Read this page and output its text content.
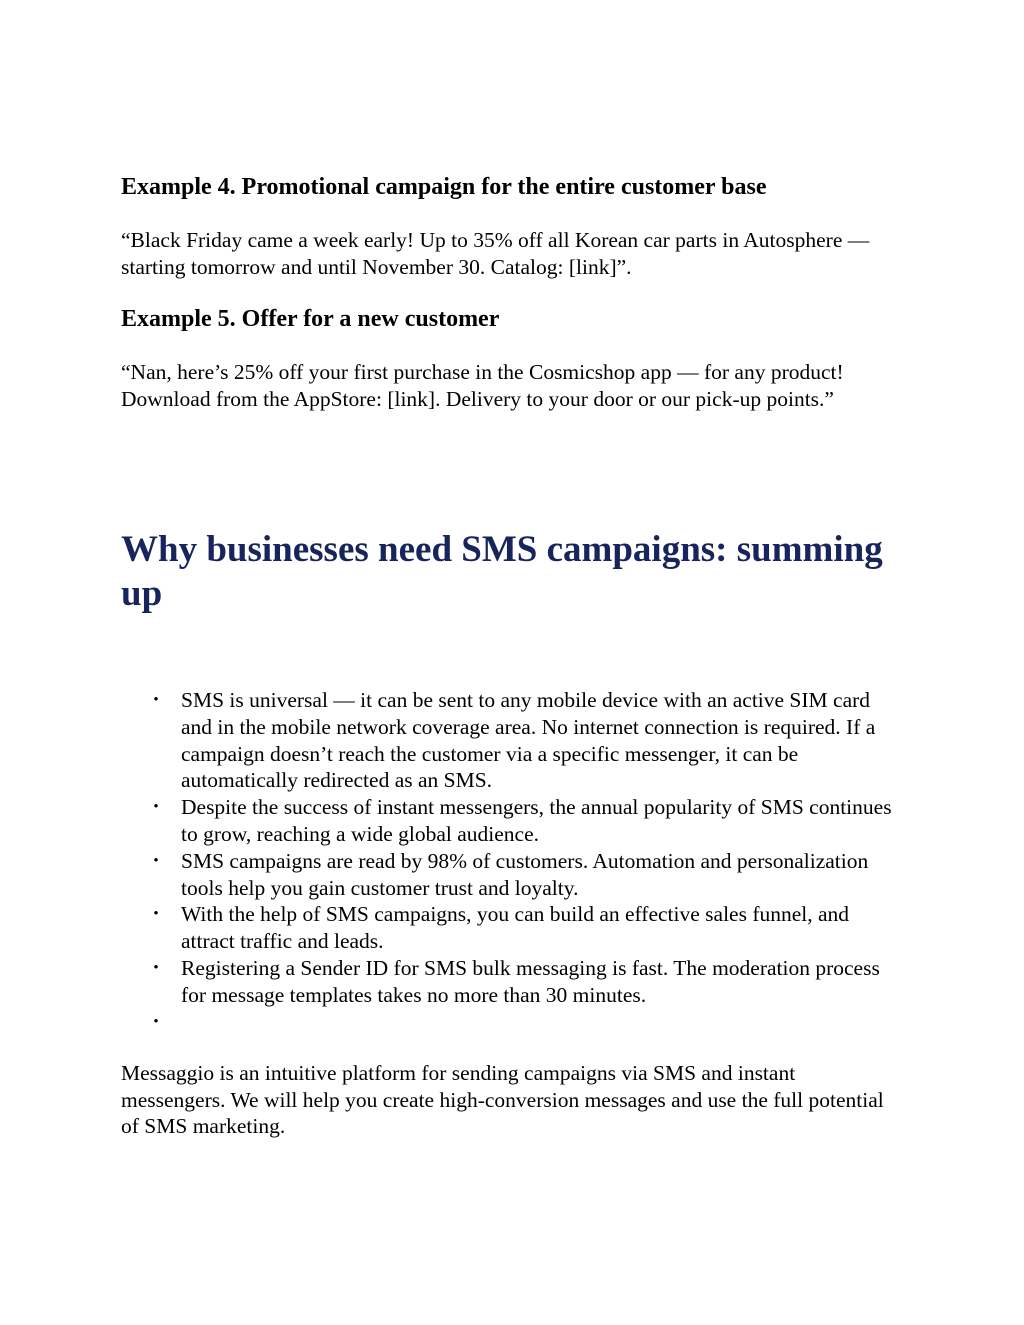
Example 4. Promotional campaign for the entire customer base

“Black Friday came a week early! Up to 35% off all Korean car parts in Autosphere — starting tomorrow and until November 30. Catalog: [link]”.

Example 5. Offer for a new customer

“Nan, here’s 25% off your first purchase in the Cosmicshop app — for any product! Download from the AppStore: [link]. Delivery to your door or our pick-up points.”

Why businesses need SMS campaigns: summing up
•	SMS is universal — it can be sent to any mobile device with an active SIM card and in the mobile network coverage area. No internet connection is required. If a campaign doesn’t reach the customer via a specific messenger, it can be automatically redirected as an SMS.
•	Despite the success of instant messengers, the annual popularity of SMS continues to grow, reaching a wide global audience.
•	SMS campaigns are read by 98% of customers. Automation and personalization tools help you gain customer trust and loyalty.
•	With the help of SMS campaigns, you can build an effective sales funnel, and attract traffic and leads.
•	Registering a Sender ID for SMS bulk messaging is fast. The moderation process for message templates takes no more than 30 minutes.
•

Messaggio is an intuitive platform for sending campaigns via SMS and instant messengers. We will help you create high-conversion messages and use the full potential of SMS marketing.
